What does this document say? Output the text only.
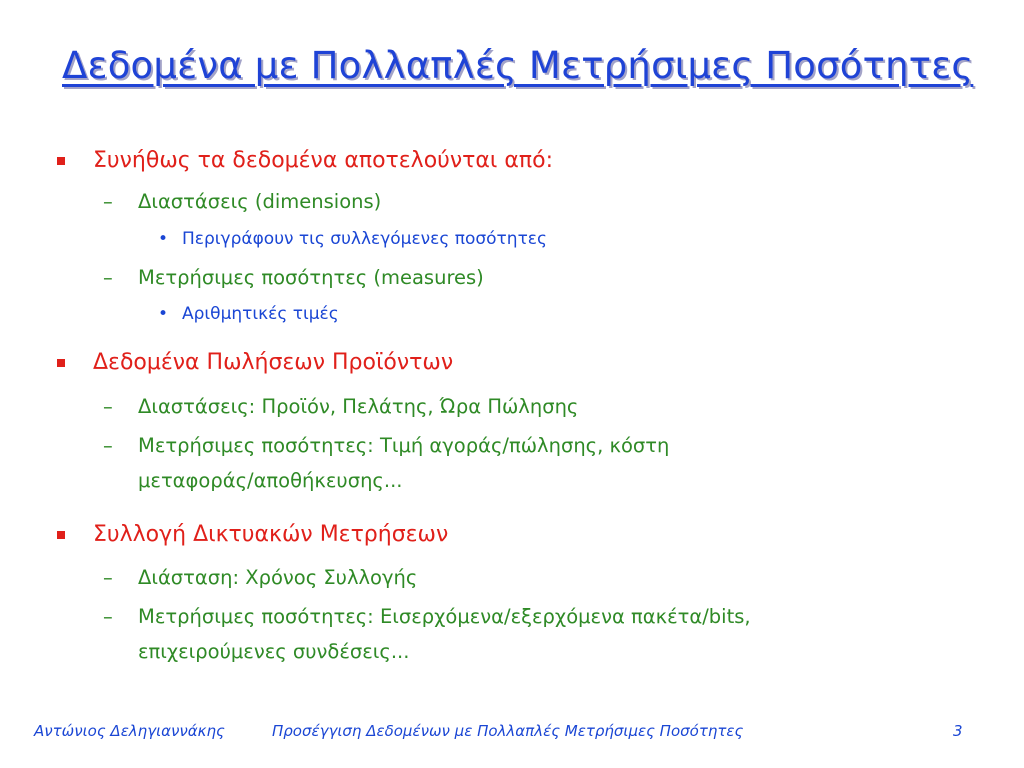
Δεδομένα με Πολλαπλές Μετρήσιμες Ποσότητες
Συνήθως τα δεδομένα αποτελούνται από:
– Διαστάσεις (dimensions)
• Περιγράφουν τις συλλεγόμενες ποσότητες
– Μετρήσιμες ποσότητες (measures)
• Αριθμητικές τιμές
Δεδομένα Πωλήσεων Προϊόντων
– Διαστάσεις: Προϊόν, Πελάτης, Ώρα Πώλησης
– Μετρήσιμες ποσότητες: Τιμή αγοράς/πώλησης, κόστη
μεταφοράς/αποθήκευσης...
Συλλογή Δικτυακών Μετρήσεων
– Διάσταση: Χρόνος Συλλογής
– Μετρήσιμες ποσότητες: Εισερχόμενα/εξερχόμενα πακέτα/bits,
επιχειρούμενες συνδέσεις...
Αντώνιος Δεληγιαννάκης	Προσέγγιση Δεδομένων με Πολλαπλές Μετρήσιμες Ποσότητες	3
